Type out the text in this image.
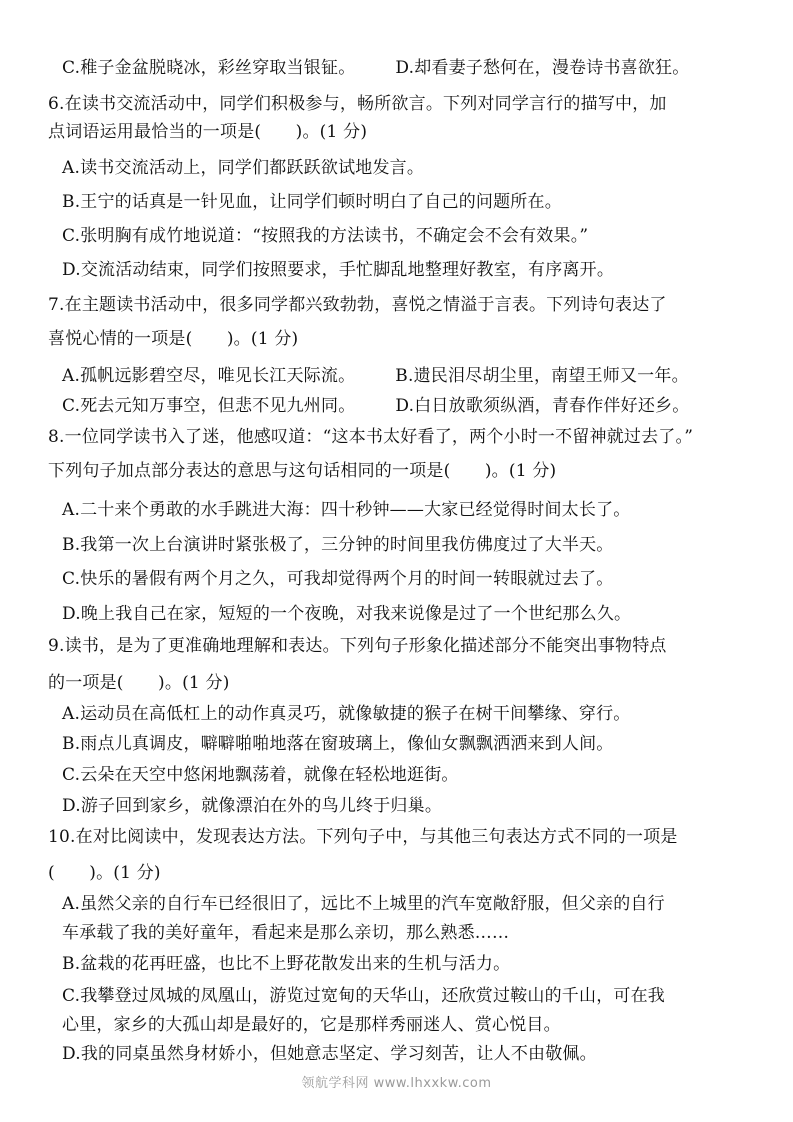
C.稚子金盆脱晓冰，彩丝穿取当银钲。 D.却看妻子愁何在，漫卷诗书喜欲狂。
6.在读书交流活动中，同学们积极参与，畅所欲言。下列对同学言行的描写中，加
点词语运用最恰当的一项是(　　)。(1 分)
A.读书交流活动上，同学们都跃跃欲试地发言。
B.王宁的话真是一针见血，让同学们顿时明白了自己的问题所在。
C.张明胸有成竹地说道：“按照我的方法读书，不确定会不会有效果。”
D.交流活动结束，同学们按照要求，手忙脚乱地整理好教室，有序离开。
7.在主题读书活动中，很多同学都兴致勃勃，喜悦之情溢于言表。下列诗句表达了
喜悦心情的一项是(　　)。(1 分)
A.孤帆远影碧空尽，唯见长江天际流。 B.遗民泪尽胡尘里，南望王师又一年。
C.死去元知万事空，但悲不见九州同。 D.白日放歌须纵酒，青春作伴好还乡。
8.一位同学读书入了迷，他感叹道：“这本书太好看了，两个小时一不留神就过去了。”
下列句子加点部分表达的意思与这句话相同的一项是(　　)。(1 分)
A.二十来个勇敢的水手跳进大海：四十秒钟——大家已经觉得时间太长了。
B.我第一次上台演讲时紧张极了，三分钟的时间里我仿佛度过了大半天。
C.快乐的暑假有两个月之久，可我却觉得两个月的时间一转眼就过去了。
D.晚上我自己在家，短短的一个夜晚，对我来说像是过了一个世纪那么久。
9.读书，是为了更准确地理解和表达。下列句子形象化描述部分不能突出事物特点
的一项是(　　)。(1 分)
A.运动员在高低杠上的动作真灵巧，就像敏捷的猴子在树干间攀缘、穿行。
B.雨点儿真调皮，噼噼啪啪地落在窗玻璃上，像仙女飘飘洒洒来到人间。
C.云朵在天空中悠闲地飘荡着，就像在轻松地逛街。
D.游子回到家乡，就像漂泊在外的鸟儿终于归巢。
10.在对比阅读中，发现表达方法。下列句子中，与其他三句表达方式不同的一项是
(　　)。(1 分)
A.虽然父亲的自行车已经很旧了，远比不上城里的汽车宽敞舒服，但父亲的自行
车承载了我的美好童年，看起来是那么亲切，那么熟悉……
B.盆栽的花再旺盛，也比不上野花散发出来的生机与活力。
C.我攀登过凤城的凤凰山，游览过宽甸的天华山，还欣赏过鞍山的千山，可在我
心里，家乡的大孤山却是最好的，它是那样秀丽迷人、赏心悦目。
D.我的同桌虽然身材娇小，但她意志坚定、学习刻苦，让人不由敬佩。
领航学科网 www.lhxxkw.com
